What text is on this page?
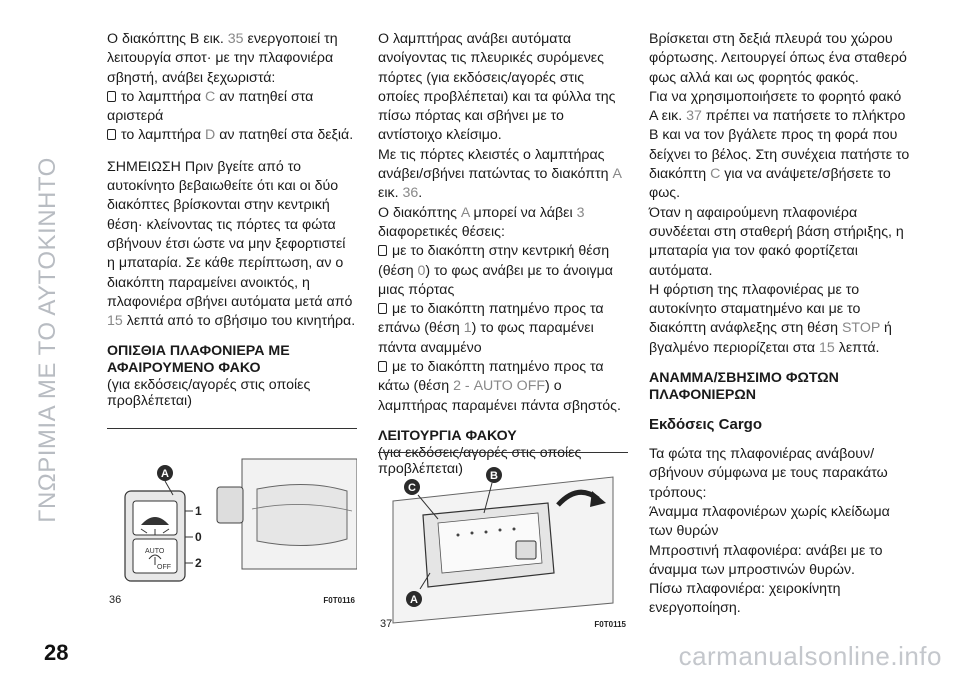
ΓΝΩΡΙΜΙΑ ΜΕ ΤΟ ΑΥΤΟΚΙΝΗΤΟ
28	carmanualsonline.info

Ο διακόπτης B εικ. 35 ενεργοποιεί τη λειτουργία σποτ· με την πλαφονιέρα σβηστή, ανάβει ξεχωριστά:

το λαμπτήρα C αν πατηθεί στα αριστερά

το λαμπτήρα D αν πατηθεί στα δεξιά.

ΣΗΜΕΙΩΣΗ Πριν βγείτε από το αυτοκίνητο βεβαιωθείτε ότι και οι δύο διακόπτες βρίσκονται στην κεντρική θέση· κλείνοντας τις πόρτες τα φώτα σβήνουν έτσι ώστε να μην ξεφορτιστεί η μπαταρία. Σε κάθε περίπτωση, αν ο διακόπτη παραμείνει ανοικτός, η πλαφονιέρα σβήνει αυτόματα μετά από 15 λεπτά από το σβήσιμο του κινητήρα.

ΟΠΙΣΘΙΑ ΠΛΑΦΟΝΙΕΡΑ ΜΕ ΑΦΑΙΡΟΥΜΕΝΟ ΦΑΚΟ

(για εκδόσεις/αγορές στις οποίες προβλέπεται)

Ο λαμπτήρας ανάβει αυτόματα ανοίγοντας τις πλευρικές συρόμενες πόρτες (για εκδόσεις/αγορές στις οποίες προβλέπεται) και τα φύλλα της πίσω πόρτας και σβήνει με το αντίστοιχο κλείσιμο.

Με τις πόρτες κλειστές ο λαμπτήρας ανάβει/σβήνει πατώντας το διακόπτη A εικ. 36.

Ο διακόπτης A μπορεί να λάβει 3 διαφορετικές θέσεις:

με το διακόπτη στην κεντρική θέση (θέση 0) το φως ανάβει με το άνοιγμα μιας πόρτας

με το διακόπτη πατημένο προς τα επάνω (θέση 1) το φως παραμένει πάντα αναμμένο

με το διακόπτη πατημένο προς τα κάτω (θέση 2 - AUTO OFF) ο λαμπτήρας παραμένει πάντα σβηστός.

ΛΕΙΤΟΥΡΓΙΑ ΦΑΚΟΥ

(για εκδόσεις/αγορές στις οποίες προβλέπεται)

Βρίσκεται στη δεξιά πλευρά του χώρου φόρτωσης. Λειτουργεί όπως ένα σταθερό φως αλλά και ως φορητός φακός.

Για να χρησιμοποιήσετε το φορητό φακό A εικ. 37 πρέπει να πατήσετε το πλήκτρο B και να τον βγάλετε προς τη φορά που δείχνει το βέλος. Στη συνέχεια πατήστε το διακόπτη C για να ανάψετε/σβήσετε το φως.

Όταν η αφαιρούμενη πλαφονιέρα συνδέεται στη σταθερή βάση στήριξης, η μπαταρία για τον φακό φορτίζεται αυτόματα.

Η φόρτιση της πλαφονιέρας με το αυτοκίνητο σταματημένο και με το διακόπτη ανάφλεξης στη θέση STOP ή βγαλμένο περιορίζεται στα 15 λεπτά.

ΑΝΑΜΜΑ/ΣΒΗΣΙΜΟ ΦΩΤΩΝ ΠΛΑΦΟΝΙΕΡΩΝ

Εκδόσεις Cargo

Τα φώτα της πλαφονιέρας ανάβουν/ σβήνουν σύμφωνα με τους παρακάτω τρόπους:

Άναμμα πλαφονιέρων χωρίς κλείδωμα των θυρών

Μπροστινή πλαφονιέρα: ανάβει με το άναμμα των μπροστινών θυρών.

Πίσω πλαφονιέρα: χειροκίνητη ενεργοποίηση.

A
1
0
2
AUTO
OFF
36	F0T0116
C
B
A
37	F0T0115
